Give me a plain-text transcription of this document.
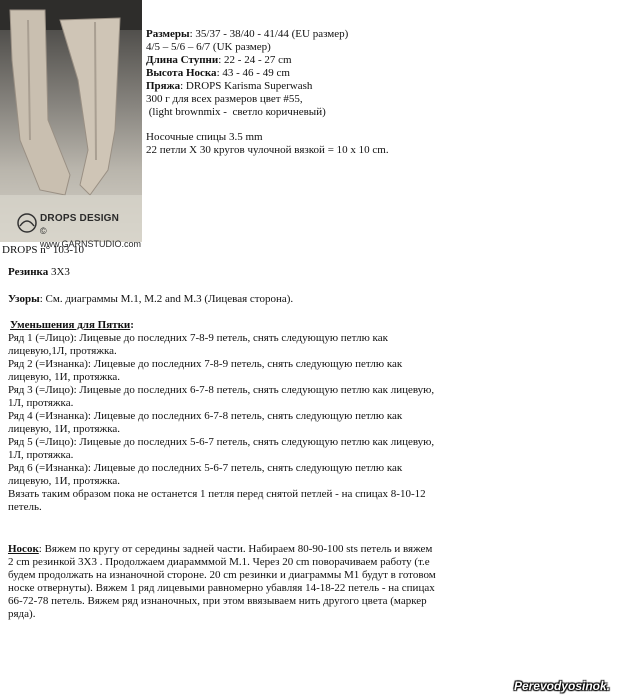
DROPS DESIGN
© www.GARNSTUDIO.com

Размеры: 35/37 - 38/40 - 41/44 (EU размер)

4/5 – 5/6 – 6/7 (UK размер)

Длина Ступни: 22 - 24 - 27 cm

Высота Носка: 43 - 46 - 49 cm

Пряжа: DROPS Karisma Superwash

300 г для всех размеров цвет #55,

(light brownmix -  светло коричневый)

Носочные спицы 3.5 mm

22 петли X 30 кругов чулочной вязкой = 10 x 10 cm.

DROPS n° 103-10
Резинка 3X3
Узоры: См. диаграммы M.1, M.2 and M.3 (Лицевая сторона).

Уменьшения для Пятки:

Ряд 1 (=Лицо): Лицевые до последних 7-8-9 петель, снять следующую петлю как лицевую,1Л, протяжка.
Ряд 2 (=Изнанка): Лицевые до последних 7-8-9 петель, снять следующую петлю как лицевую, 1И, протяжка.
Ряд 3 (=Лицо): Лицевые до последних 6-7-8 петель, снять следующую петлю как лицевую, 1Л, протяжка.
Ряд 4 (=Изнанка): Лицевые до последних 6-7-8 петель, снять следующую петлю как лицевую, 1И, протяжка.
Ряд 5 (=Лицо): Лицевые до последних 5-6-7 петель, снять следующую петлю как лицевую, 1Л, протяжка.
Ряд 6 (=Изнанка): Лицевые до последних 5-6-7 петель, снять следующую петлю как лицевую, 1И, протяжка.
Вязать таким образом пока не останется 1 петля перед снятой петлей - на спицах 8-10-12 петель.

Носок: Вяжем по кругу от середины задней части. Набираем 80-90-100 sts петель и вяжем 2 cm резинкой 3X3 . Продолжаем диарамммой M.1. Через 20 cm поворачиваем работу (т.е будем продолжать на изнаночной стороне. 20 cm резинки и диаграммы M1 будут в готовом носке отвернуты). Вяжем 1 ряд лицевыми равномерно убавляя 14-18-22 петель - на спицах 66-72-78 петель. Вяжем ряд изнаночных, при этом ввязываем нить другого цвета (маркер ряда).

Perevodyosinok.
